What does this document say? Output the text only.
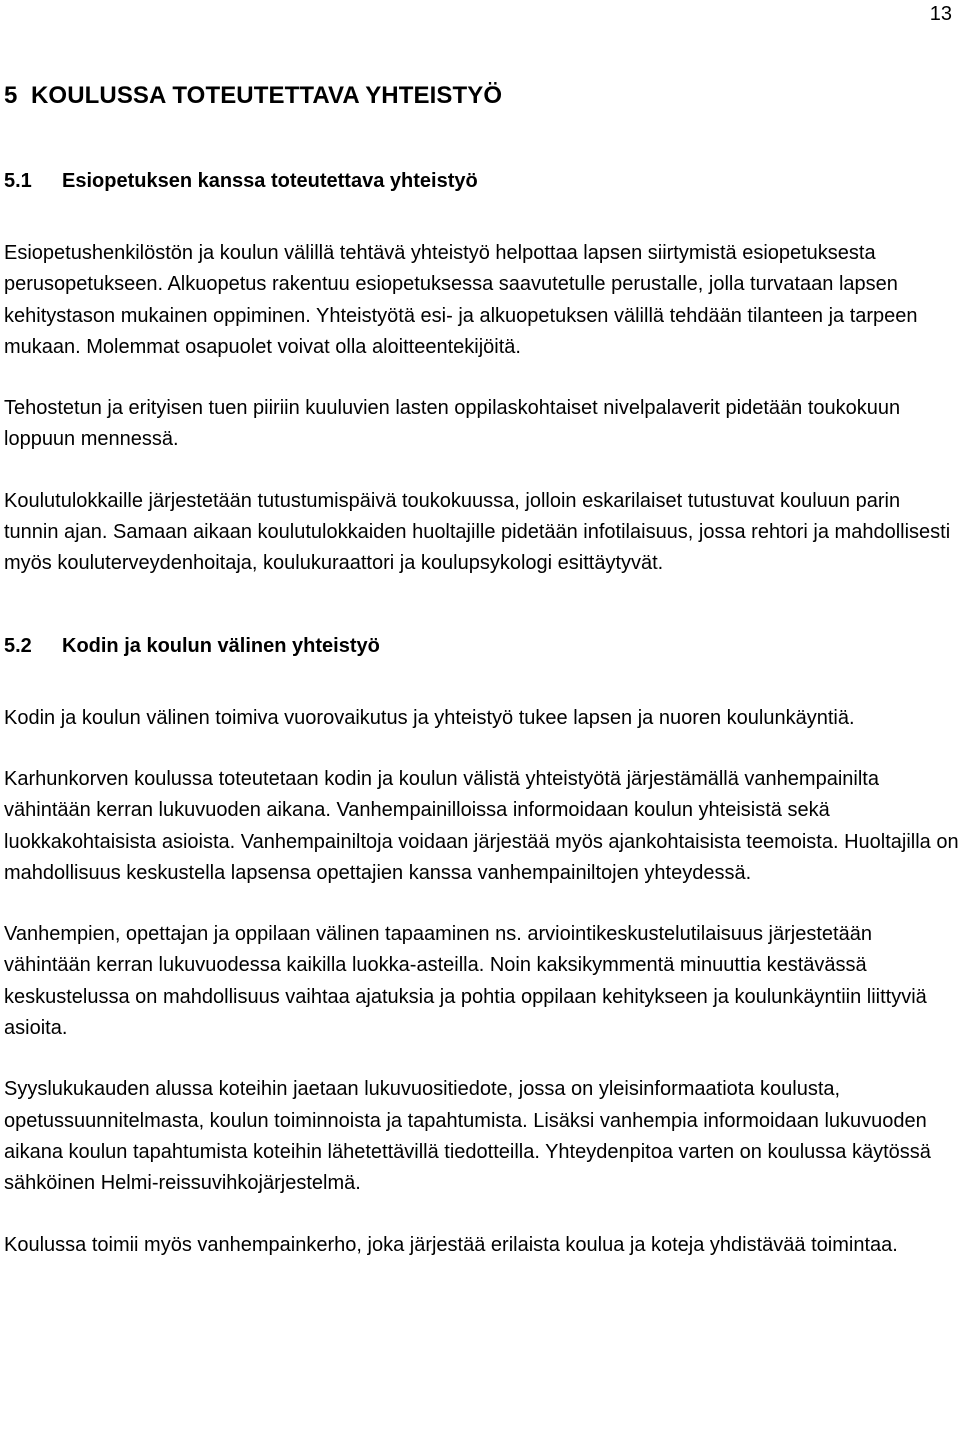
13
5 KOULUSSA TOTEUTETTAVA YHTEISTYÖ
5.1 Esiopetuksen kanssa toteutettava yhteistyö

Esiopetushenkilöstön ja koulun välillä tehtävä yhteistyö helpottaa lapsen siirtymistä esiopetuksesta perusopetukseen. Alkuopetus rakentuu esiopetuksessa saavutetulle perustalle, jolla turvataan lapsen kehitystason mukainen oppiminen. Yhteistyötä esi- ja alkuopetuksen välillä tehdään tilanteen ja tarpeen mukaan. Molemmat osapuolet voivat olla aloitteentekijöitä.

Tehostetun ja erityisen tuen piiriin kuuluvien lasten oppilaskohtaiset nivelpalaverit pidetään toukokuun loppuun mennessä.

Koulutulokkaille järjestetään tutustumispäivä toukokuussa, jolloin eskarilaiset tutustuvat kouluun parin tunnin ajan. Samaan aikaan koulutulokkaiden huoltajille pidetään infotilaisuus, jossa rehtori ja mahdollisesti myös kouluterveydenhoitaja, koulukuraattori ja koulupsykologi esittäytyvät.

5.2 Kodin ja koulun välinen yhteistyö

Kodin ja koulun välinen toimiva vuorovaikutus ja yhteistyö tukee lapsen ja nuoren koulunkäyntiä.

Karhunkorven koulussa toteutetaan kodin ja koulun välistä yhteistyötä järjestämällä vanhempainilta vähintään kerran lukuvuoden aikana. Vanhempainilloissa informoidaan koulun yhteisistä sekä luokkakohtaisista asioista. Vanhempainiltoja voidaan järjestää myös ajankohtaisista teemoista. Huoltajilla on mahdollisuus keskustella lapsensa opettajien kanssa vanhempainiltojen yhteydessä.

Vanhempien, opettajan ja oppilaan välinen tapaaminen ns. arviointikeskustelutilaisuus järjestetään vähintään kerran lukuvuodessa kaikilla luokka-asteilla. Noin kaksikymmentä minuuttia kestävässä keskustelussa on mahdollisuus vaihtaa ajatuksia ja pohtia oppilaan kehitykseen ja koulunkäyntiin liittyviä asioita.

Syyslukukauden alussa koteihin jaetaan lukuvuositiedote, jossa on yleisinformaatiota koulusta, opetussuunnitelmasta, koulun toiminnoista ja tapahtumista. Lisäksi vanhempia informoidaan lukuvuoden aikana koulun tapahtumista koteihin lähetettävillä tiedotteilla. Yhteydenpitoa varten on koulussa käytössä sähköinen Helmi-reissuvihkojärjestelmä.

Koulussa toimii myös vanhempainkerho, joka järjestää erilaista koulua ja koteja yhdistävää toimintaa.
